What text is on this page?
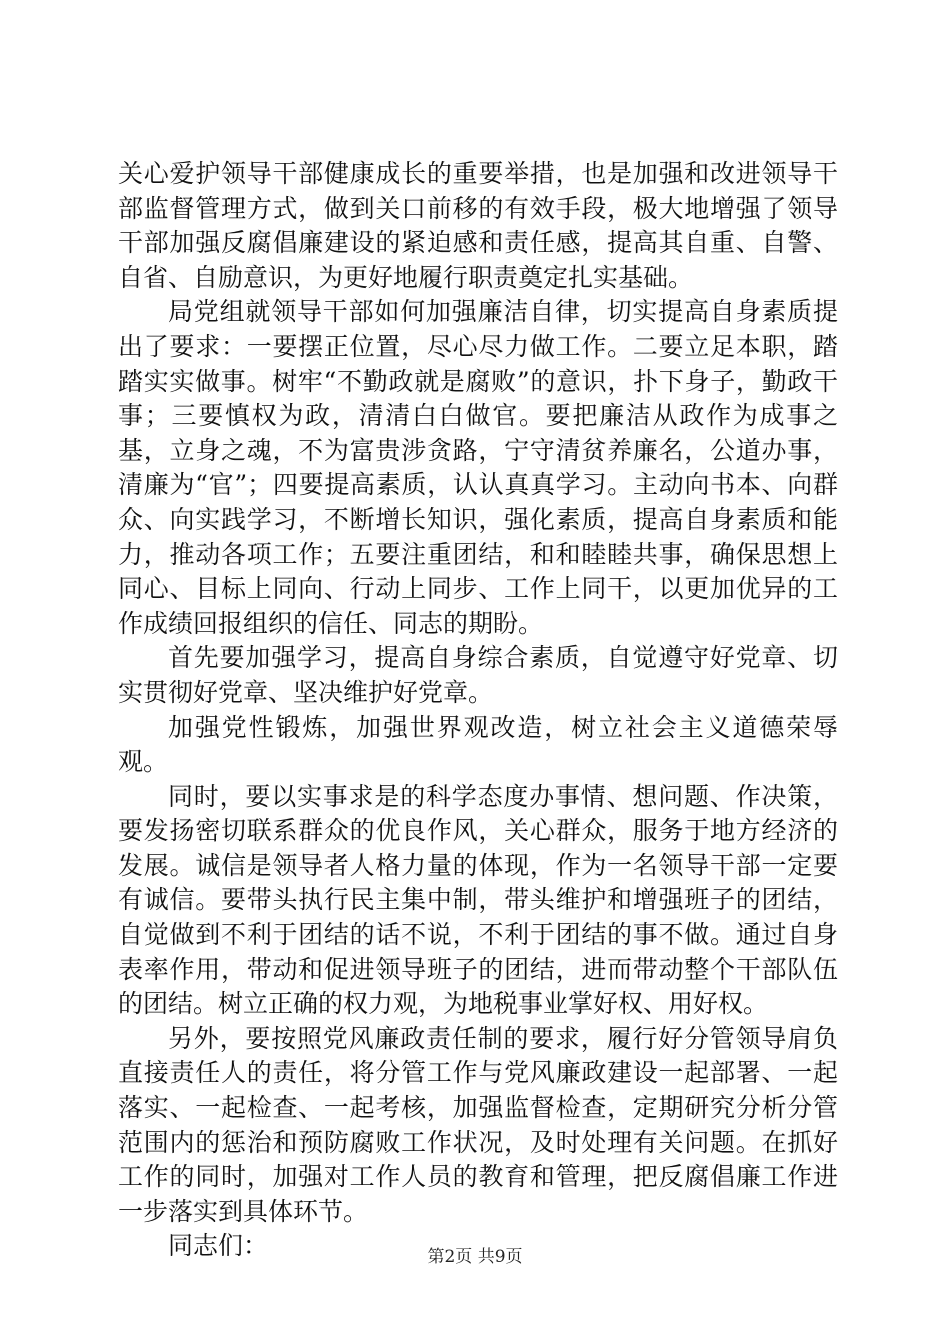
关心爱护领导干部健康成长的重要举措，也是加强和改进领导干部监督管理方式，做到关口前移的有效手段，极大地增强了领导干部加强反腐倡廉建设的紧迫感和责任感，提高其自重、自警、自省、自励意识，为更好地履行职责奠定扎实基础。

局党组就领导干部如何加强廉洁自律，切实提高自身素质提出了要求：一要摆正位置，尽心尽力做工作。二要立足本职，踏踏实实做事。树牢“不勤政就是腐败”的意识，扑下身子，勤政干事；三要慎权为政，清清白白做官。要把廉洁从政作为成事之基，立身之魂，不为富贵涉贪路，宁守清贫养廉名，公道办事，清廉为“官”；四要提高素质，认认真真学习。主动向书本、向群众、向实践学习，不断增长知识，强化素质，提高自身素质和能力，推动各项工作；五要注重团结，和和睦睦共事，确保思想上同心、目标上同向、行动上同步、工作上同干，以更加优异的工作成绩回报组织的信任、同志的期盼。

首先要加强学习，提高自身综合素质，自觉遵守好党章、切实贯彻好党章、坚决维护好党章。

加强党性锻炼，加强世界观改造，树立社会主义道德荣辱观。

同时，要以实事求是的科学态度办事情、想问题、作决策，要发扬密切联系群众的优良作风，关心群众，服务于地方经济的发展。诚信是领导者人格力量的体现，作为一名领导干部一定要有诚信。要带头执行民主集中制，带头维护和增强班子的团结，自觉做到不利于团结的话不说，不利于团结的事不做。通过自身表率作用，带动和促进领导班子的团结，进而带动整个干部队伍的团结。树立正确的权力观，为地税事业掌好权、用好权。

另外，要按照党风廉政责任制的要求，履行好分管领导肩负直接责任人的责任，将分管工作与党风廉政建设一起部署、一起落实、一起检查、一起考核，加强监督检查，定期研究分析分管范围内的惩治和预防腐败工作状况，及时处理有关问题。在抓好工作的同时，加强对工作人员的教育和管理，把反腐倡廉工作进一步落实到具体环节。

同志们：	第2页 共9页
